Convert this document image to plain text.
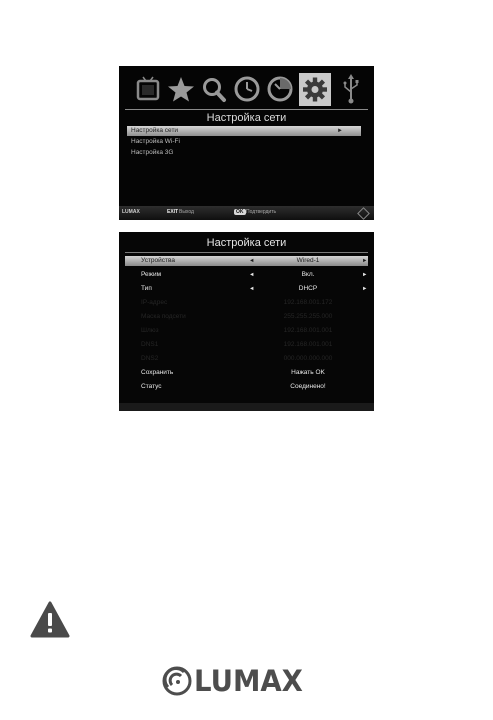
Настройка сети
Настройка сети	►
Настройка Wi-Fi
Настройка 3G
LUMAX	EXIT Выход	OK Подтвердить
Настройка сети
Устройства	◄	Wired-1	►
Режим	◄	Вкл.	►
Тип	◄	DHCP	►
IP-адрес	192.168.001.172
Маска подсети	255.255.255.000
Шлюз	192.168.001.001
DNS1	192.168.001.001
DNS2	000.000.000.000
Сохранить	Нажать OK
Статус	Соединено!
LUMAX
